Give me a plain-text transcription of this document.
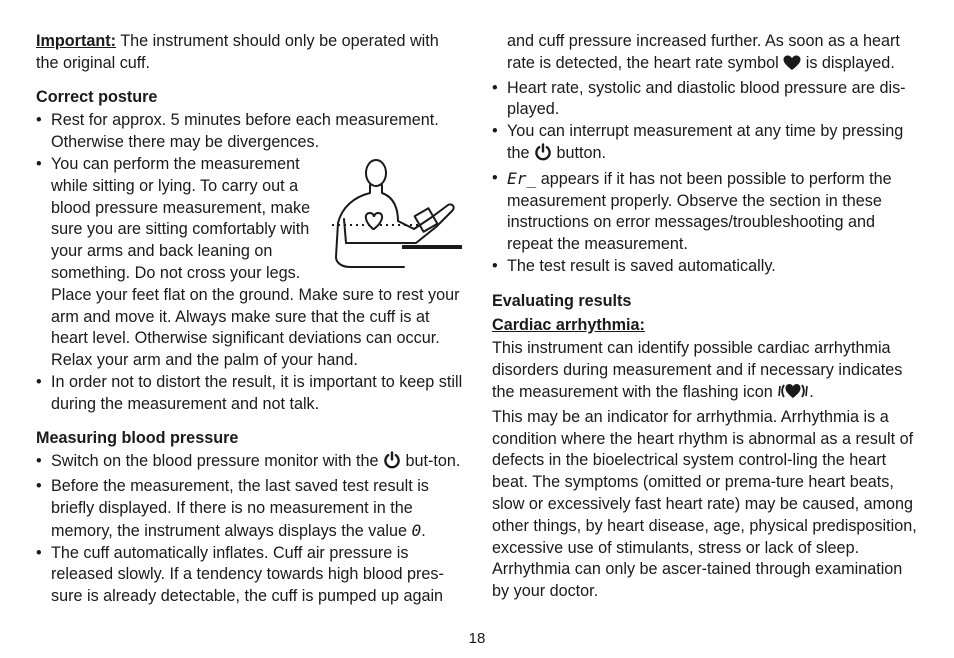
Important: The instrument should only be operated with the original cuff.

Correct posture

• Rest for approx. 5 minutes before each measurement. Otherwise there may be divergences.
• You can perform the measurement while sitting or lying. To carry out a blood pressure measurement, make sure you are sitting comfortably with your arms and back leaning on something. Do not cross your legs.
Place your feet flat on the ground. Make sure to rest your arm and move it. Always make sure that the cuff is at heart level. Otherwise significant deviations can occur. Relax your arm and the palm of your hand.
• In order not to distort the result, it is important to keep still during the measurement and not talk.

Measuring blood pressure

• Switch on the blood pressure monitor with the  but-ton.
• Before the measurement, the last saved test result is briefly displayed. If there is no measurement in the memory, the instrument always displays the value 0.
• The cuff automatically inflates. Cuff air pressure is released slowly. If a tendency towards high blood pres-sure is already detectable, the cuff is pumped up again
and cuff pressure increased further. As soon as a heart rate is detected, the heart rate symbol  is displayed.
• Heart rate, systolic and diastolic blood pressure are dis-played.
• You can interrupt measurement at any time by pressing the  button.
• Er_ appears if it has not been possible to perform the measurement properly. Observe the section in these instructions on error messages/troubleshooting and repeat the measurement.
• The test result is saved automatically.

Evaluating results

Cardiac arrhythmia:

This instrument can identify possible cardiac arrhythmia disorders during measurement and if necessary indicates the measurement with the flashing icon .

This may be an indicator for arrhythmia. Arrhythmia is a condition where the heart rhythm is abnormal as a result of defects in the bioelectrical system control-ling the heart beat. The symptoms (omitted or prema-ture heart beats, slow or excessively fast heart rate) may be caused, among other things, by heart disease, age, physical predisposition, excessive use of stimulants, stress or lack of sleep. Arrhythmia can only be ascer-tained through examination by your doctor.

18
